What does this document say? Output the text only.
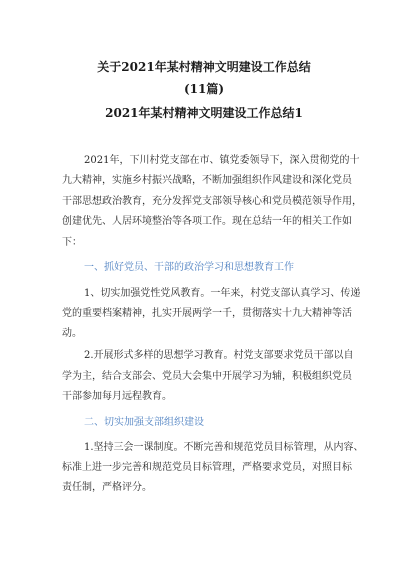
关于2021年某村精神文明建设工作总结
(11篇)
2021年某村精神文明建设工作总结1
2021年，下川村党支部在市、镇党委领导下，深入贯彻党的十
九大精神，实施乡村振兴战略，不断加强组织作风建设和深化党员
干部思想政治教育，充分发挥党支部领导核心和党员模范领导作用，
创建优先、人居环境整治等各项工作。现在总结一年的相关工作如
下：
一、抓好党员、干部的政治学习和思想教育工作
1、切实加强党性党风教育。一年来，村党支部认真学习、传递
党的重要档案精神，扎实开展两学一千，贯彻落实十九大精神等活
动。
2.开展形式多样的思想学习教育。村党支部要求党员干部以自
学为主，结合支部会、党员大会集中开展学习为辅，积极组织党员
干部参加每月远程教育。
二、切实加强支部组织建设
1.坚持三会一课制度。不断完善和规范党员目标管理，从内容、
标准上进一步完善和规范党员目标管理，严格要求党员，对照目标
责任制，严格评分。
